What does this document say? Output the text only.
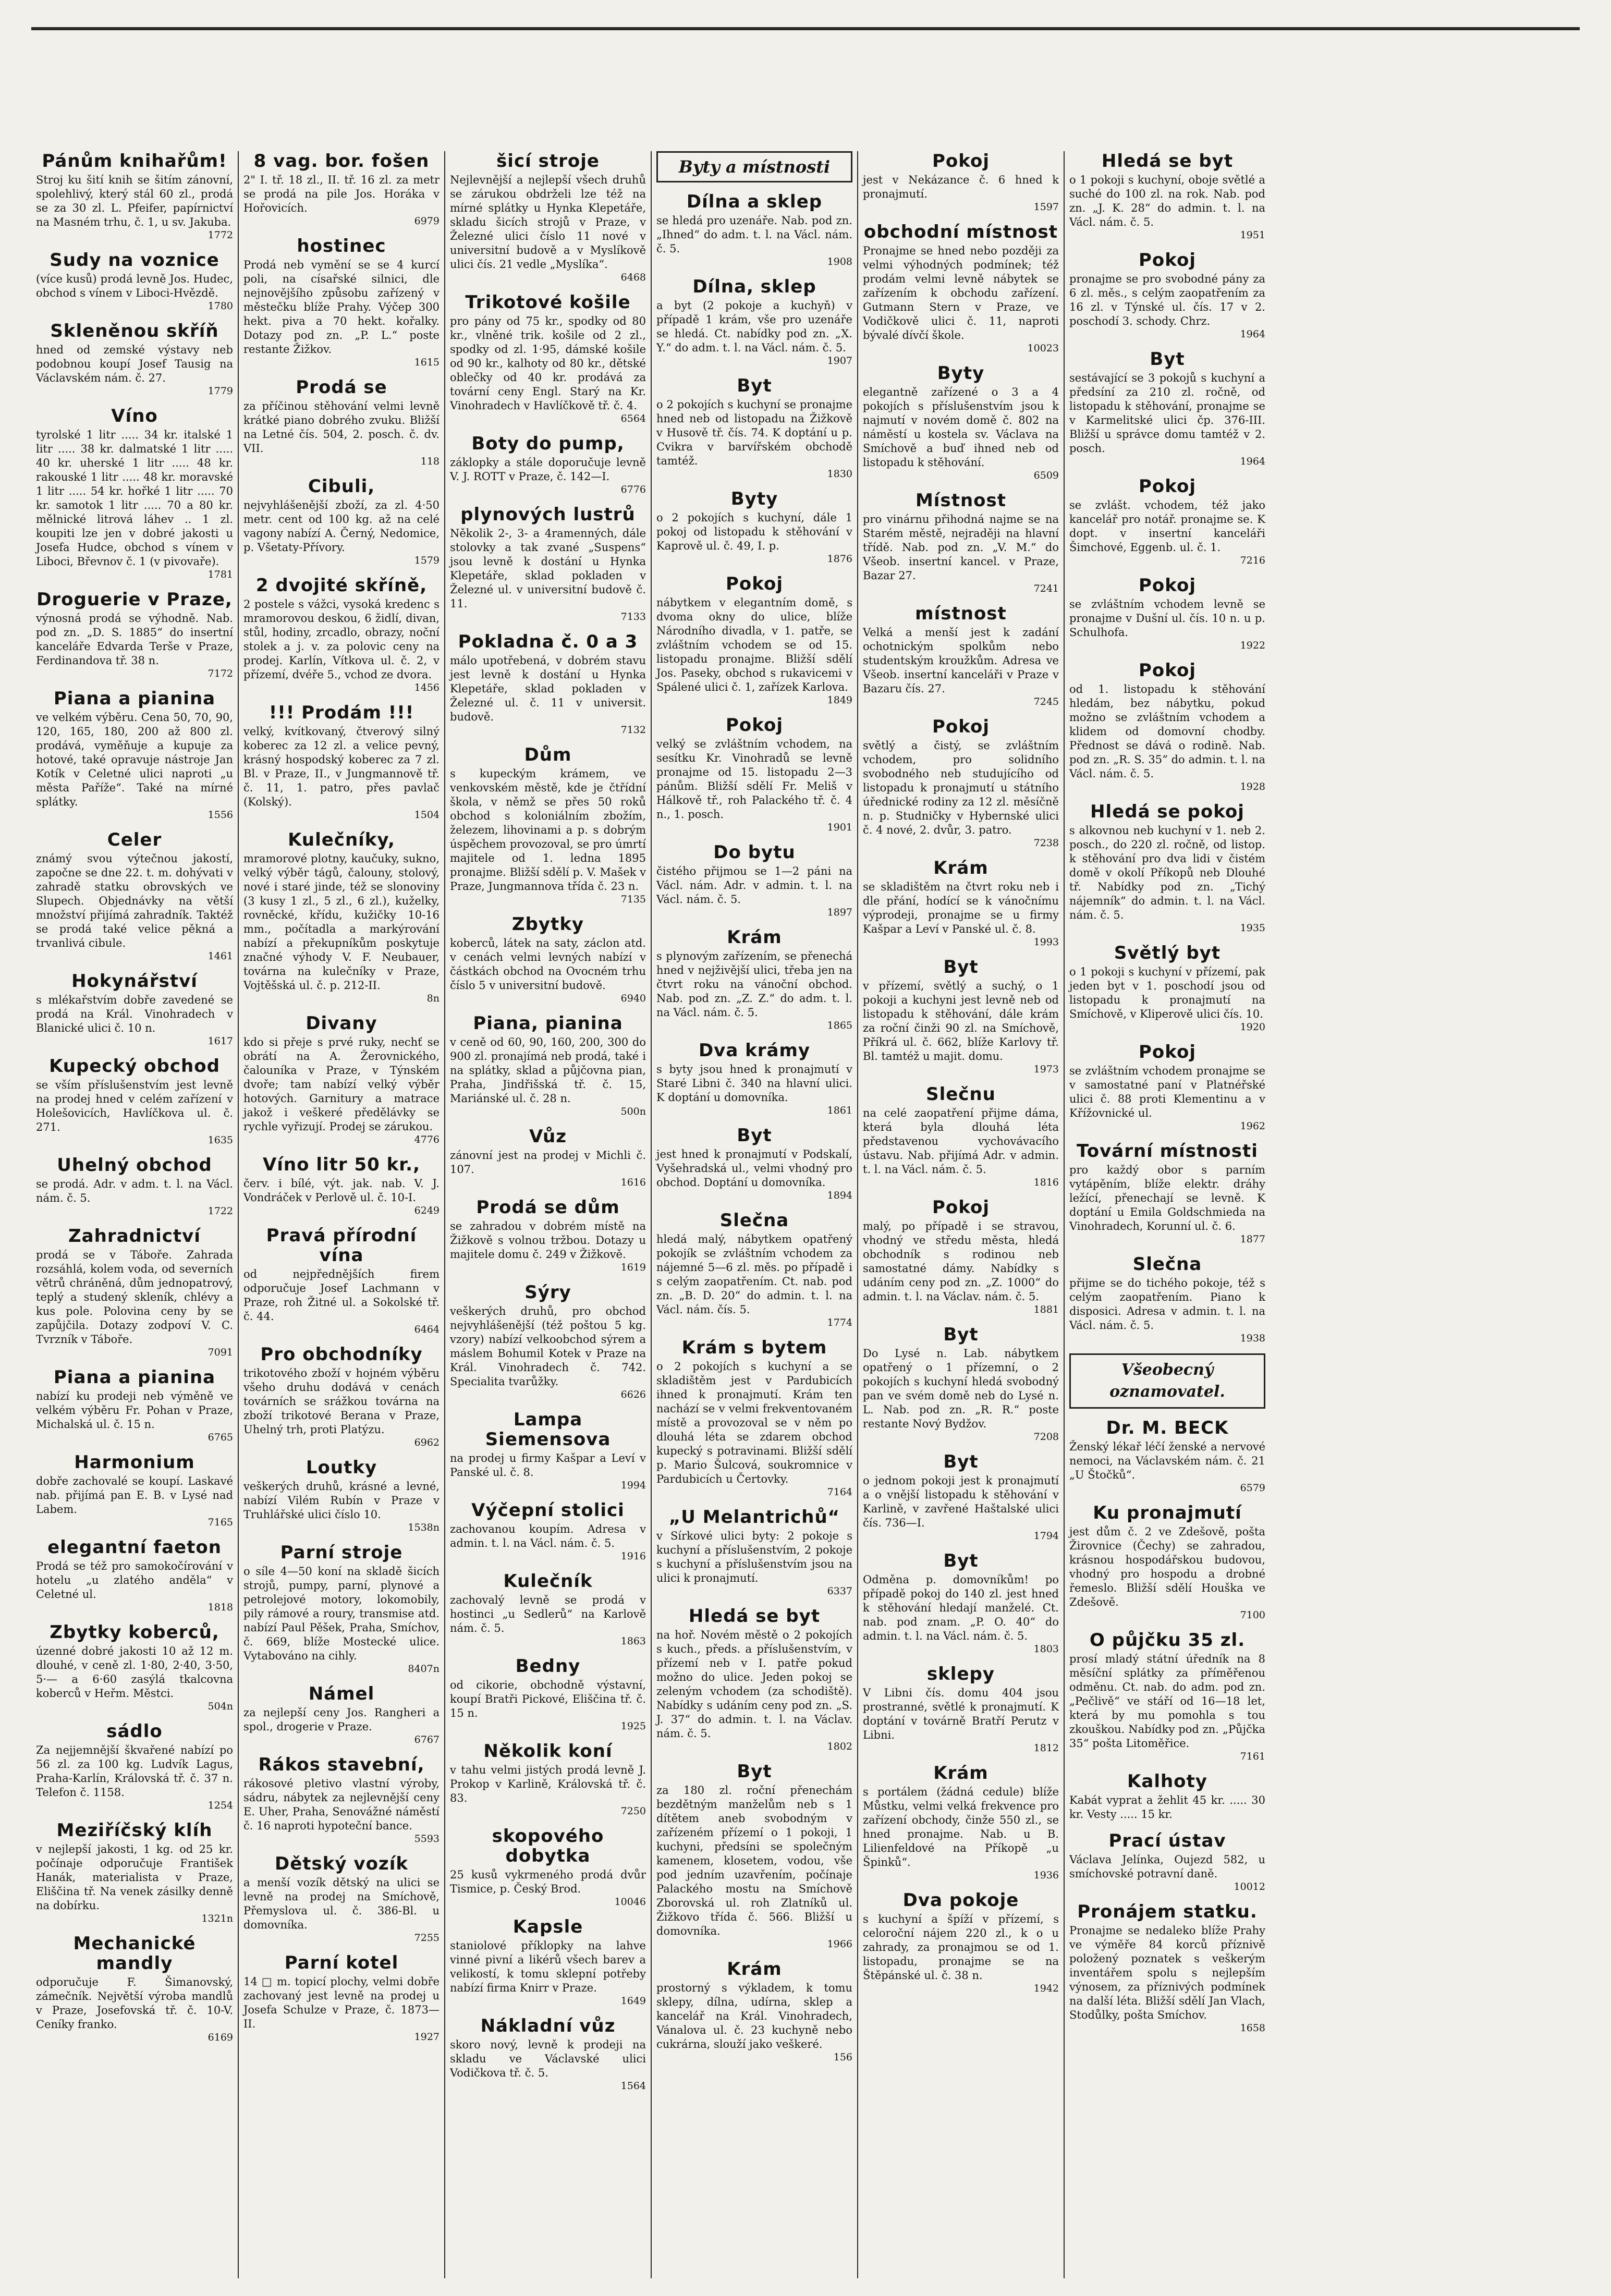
Pánům knihařům!

Stroj ku šití knih se šitím zánovní, spolehlivý, který stál 60 zl., prodá se za 30 zl. L. Pfeifer, papírnictví na Masném trhu, č. 1, u sv. Jakuba.

1772
Sudy na voznice

(více kusů) prodá levně Jos. Hudec, obchod s vínem v Liboci-Hvězdě.

1780
Skleněnou skříň

hned od zemské výstavy neb podobnou koupí Josef Tausig na Václavském nám. č. 27.

1779
Víno

tyrolské 1 litr ..... 34 kr. italské 1 litr ..... 38 kr. dalmatské 1 litr ..... 40 kr. uherské 1 litr ..... 48 kr. rakouské 1 litr ..... 48 kr. moravské 1 litr ..... 54 kr. hořké 1 litr ..... 70 kr. samotok 1 litr ..... 70 a 80 kr. mělnické litrová láhev .. 1 zl. koupiti lze jen v dobré jakosti u Josefa Hudce, obchod s vínem v Liboci, Břevnov č. 1 (v pivovaře).

1781
Droguerie v Praze,

výnosná prodá se výhodně. Nab. pod zn. „D. S. 1885“ do insertní kanceláře Edvarda Terše v Praze, Ferdinandova tř. 38 n.

7172
Piana a pianina

ve velkém výběru. Cena 50, 70, 90, 120, 165, 180, 200 až 800 zl. prodává, vyměňuje a kupuje za hotové, také opravuje nástroje Jan Kotík v Celetné ulici naproti „u města Paříže“. Také na mírné splátky.

1556
Celer

známý svou výtečnou jakostí, započne se dne 22. t. m. dohývati v zahradě statku obrovských ve Slupech. Objednávky na větší množství přijímá zahradník. Taktéž se prodá také velice pěkná a trvanlivá cibule.

1461
Hokynářství

s mlékařstvím dobře zavedené se prodá na Král. Vinohradech v Blanické ulici č. 10 n.

1617
Kupecký obchod

se vším příslušenstvím jest levně na prodej hned v celém zařízení v Holešovicích, Havlíčkova ul. č. 271.

1635
Uhelný obchod

se prodá. Adr. v adm. t. l. na Václ. nám. č. 5.

1722
Zahradnictví

prodá se v Táboře. Zahrada rozsáhlá, kolem voda, od severních větrů chráněná, dům jednopatrový, teplý a studený skleník, chlévy a kus pole. Polovina ceny by se zapůjčila. Dotazy zodpoví V. C. Tvrzník v Táboře.

7091
Piana a pianina

nabízí ku prodeji neb výměně ve velkém výběru Fr. Pohan v Praze, Michalská ul. č. 15 n.

6765
Harmonium

dobře zachovalé se koupí. Laskavé nab. přijímá pan E. B. v Lysé nad Labem.

7165
elegantní faeton

Prodá se též pro samokočírování v hotelu „u zlatého anděla“ v Celetné ul.

1818
Zbytky koberců,

úzenné dobré jakosti 10 až 12 m. dlouhé, v ceně zl. 1·80, 2·40, 3·50, 5·— a 6·60 zasýlá tkalcovna koberců v Heřm. Městci.

504n
sádlo

Za nejjemnější škvařené nabízí po 56 zl. za 100 kg. Ludvík Lagus, Praha-Karlín, Královská tř. č. 37 n. Telefon č. 1158.

1254
Meziříčský klíh

v nejlepší jakosti, 1 kg. od 25 kr. počínaje odporučuje František Hanák, materialista v Praze, Eliščina tř. Na venek zásilky denně na dobírku.

1321n
Mechanické mandly

odporučuje F. Šimanovský, zámečník. Největší výroba mandlů v Praze, Josefovská tř. č. 10-V. Ceníky franko.

6169
8 vag. bor. fošen

2" I. tř. 18 zl., II. tř. 16 zl. za metr se prodá na pile Jos. Horáka v Hořovicích.

6979
hostinec

Prodá neb vymění se se 4 kurcí poli, na císařské silnici, dle nejnovějšího způsobu zařízený v městečku blíže Prahy. Výčep 300 hekt. piva a 70 hekt. kořalky. Dotazy pod zn. „P. L.“ poste restante Žižkov.

1615
Prodá se

za příčinou stěhování velmi levně krátké piano dobrého zvuku. Bližší na Letné čís. 504, 2. posch. č. dv. VII.

118
Cibuli,

nejvyhlášenější zboží, za zl. 4·50 metr. cent od 100 kg. až na celé vagony nabízí A. Černý, Nedomice, p. Všetaty-Přívory.

1579
2 dvojité skříně,

2 postele s vážci, vysoká kredenc s mramorovou deskou, 6 židlí, divan, stůl, hodiny, zrcadlo, obrazy, noční stolek a j. v. za polovic ceny na prodej. Karlín, Vítkova ul. č. 2, v přízemí, dvéře 5., vchod ze dvora.

1456
!!! Prodám !!!

velký, kvítkovaný, čtverový silný koberec za 12 zl. a velice pevný, krásný hospodský koberec za 7 zl. Bl. v Praze, II., v Jungmannově tř. č. 11, 1. patro, přes pavlač (Kolský).

1504
Kulečníky,

mramorové plotny, kaučuky, sukno, velký výběr tágů, čalouny, stolový, nové i staré jinde, též se slonoviny (3 kusy 1 zl., 5 zl., 6 zl.), kuželky, rovněcké, křídu, kužičky 10-16 mm., počítadla a markýrování nabízí a překupníkům poskytuje značné výhody V. F. Neubauer, továrna na kulečníky v Praze, Vojtěšská ul. č. p. 212-II.

8n
Divany

kdo si přeje s prvé ruky, nechť se obrátí na A. Žerovnického, čalouníka v Praze, v Týnském dvoře; tam nabízí velký výběr hotových. Garnitury a matrace jakož i veškeré předělávky se rychle vyřizují. Prodej se zárukou.

4776
Víno litr 50 kr.,

červ. i bílé, výt. jak. nab. V. J. Vondráček v Perlově ul. č. 10-I.

6249
Pravá přírodní vína

od nejpřednějších firem odporučuje Josef Lachmann v Praze, roh Žitné ul. a Sokolské tř. č. 44.

6464
Pro obchodníky

trikotového zboží v hojném výběru všeho druhu dodává v cenách továrních se srážkou továrna na zboží trikotové Berana v Praze, Uhelný trh, proti Platýzu.

6962
Loutky

veškerých druhů, krásné a levné, nabízí Vilém Rubín v Praze v Truhlářské ulici číslo 10.

1538n
Parní stroje

o síle 4—50 koní na skladě šicích strojů, pumpy, parní, plynové a petrolejové motory, lokomobily, pily rámové a roury, transmise atd. nabízí Paul Pěšek, Praha, Smíchov, č. 669, blíže Mostecké ulice. Vytabováno na cihly.

8407n
Námel

za nejlepší ceny Jos. Rangheri a spol., drogerie v Praze.

6767
Rákos stavební,

rákosové pletivo vlastní výroby, sádru, nábytek za nejlevnější ceny E. Uher, Praha, Senovážné náměstí č. 16 naproti hypoteční bance.

5593
Dětský vozík

a menší vozík dětský na ulici se levně na prodej na Smíchově, Přemyslova ul. č. 386-Bl. u domovníka.

7255
Parní kotel

14 □ m. topicí plochy, velmi dobře zachovaný jest levně na prodej u Josefa Schulze v Praze, č. 1873—II.

1927
šicí stroje

Nejlevnější a nejlepší všech druhů se zárukou obdrželi lze též na mírné splátky u Hynka Klepetáře, skladu šicích strojů v Praze, v Železné ulici číslo 11 nové v universitní budově a v Myslíkově ulici čís. 21 vedle „Myslíka“.

6468
Trikotové košile

pro pány od 75 kr., spodky od 80 kr., vlněné trik. košile od 2 zl., spodky od zl. 1·95, dámské košile od 90 kr., kalhoty od 80 kr., dětské oblečky od 40 kr. prodává za tovární ceny Engl. Starý na Kr. Vinohradech v Havlíčkově tř. č. 4.

6564
Boty do pump,

záklopky a stále doporučuje levně V. J. ROTT v Praze, č. 142—I.

6776
plynových lustrů

Několik 2-, 3- a 4ramenných, dále stolovky a tak zvané „Suspens“ jsou levně k dostání u Hynka Klepetáře, sklad pokladen v Železné ul. v universitní budově č. 11.

7133
Pokladna č. 0 a 3

málo upotřebená, v dobrém stavu jest levně k dostání u Hynka Klepetáře, sklad pokladen v Železné ul. č. 11 v universit. budově.

7132
Dům

s kupeckým krámem, ve venkovském městě, kde je čtřídní škola, v němž se přes 50 roků obchod s koloniálním zbožím, železem, lihovinami a p. s dobrým úspěchem provozoval, se pro úmrtí majitele od 1. ledna 1895 pronajme. Bližší sdělí p. V. Mašek v Praze, Jungmannova třída č. 23 n.

7135
Zbytky

koberců, látek na saty, záclon atd. v cenách velmi levných nabízí v částkách obchod na Ovocném trhu číslo 5 v universitní budově.

6940
Piana, pianina

v ceně od 60, 90, 160, 200, 300 do 900 zl. pronajímá neb prodá, také i na splátky, sklad a půjčovna pian, Praha, Jindřišská tř. č. 15, Mariánské ul. č. 28 n.

500n
Vůz

zánovní jest na prodej v Michli č. 107.

1616
Prodá se dům

se zahradou v dobrém místě na Žižkově s volnou tržbou. Dotazy u majitele domu č. 249 v Žižkově.

1619
Sýry

veškerých druhů, pro obchod nejvyhlášenější (též poštou 5 kg. vzory) nabízí velkoobchod sýrem a máslem Bohumil Kotek v Praze na Král. Vinohradech č. 742. Specialita tvarůžky.

6626
Lampa Siemensova

na prodej u firmy Kašpar a Leví v Panské ul. č. 8.

1994
Výčepní stolici

zachovanou koupím. Adresa v admin. t. l. na Václ. nám. č. 5.

1916
Kulečník

zachovalý levně se prodá v hostinci „u Sedlerů“ na Karlově nám. č. 5.

1863
Bedny

od cikorie, obchodně výstavní, koupí Bratři Pickové, Eliščina tř. č. 15 n.

1925
Několik koní

v tahu velmi jistých prodá levně J. Prokop v Karlině, Královská tř. č. 83.

7250
skopového dobytka

25 kusů vykrmeného prodá dvůr Tismice, p. Český Brod.

10046
Kapsle

staniolové příklopky na lahve vinné pivní a likérů všech barev a velikostí, k tomu sklepní potřeby nabízí firma Knirr v Praze.

1649
Nákladní vůz

skoro nový, levně k prodeji na skladu ve Václavské ulici Vodičkova tř. č. 5.

1564
Byty a místnosti
Dílna a sklep

se hledá pro uzenáře. Nab. pod zn. „Ihned“ do adm. t. l. na Václ. nám. č. 5.

1908
Dílna, sklep

a byt (2 pokoje a kuchyň) v případě 1 krám, vše pro uzenáře se hledá. Ct. nabídky pod zn. „X. Y.“ do adm. t. l. na Václ. nám. č. 5.

1907
Byt

o 2 pokojích s kuchyní se pronajme hned neb od listopadu na Žižkově v Husově tř. čís. 74. K doptání u p. Cvikra v barvířském obchodě tamtéž.

1830
Byty

o 2 pokojích s kuchyní, dále 1 pokoj od listopadu k stěhování v Kaprově ul. č. 49, I. p.

1876
Pokoj

nábytkem v elegantním domě, s dvoma okny do ulice, blíže Národního divadla, v 1. patře, se zvláštním vchodem se od 15. listopadu pronajme. Bližší sdělí Jos. Paseky, obchod s rukavicemi v Spálené ulici č. 1, zařízek Karlova.

1849
Pokoj

velký se zvláštním vchodem, na sesítku Kr. Vinohradů se levně pronajme od 15. listopadu 2—3 pánům. Bližší sdělí Fr. Meliš v Hálkově tř., roh Palackého tř. č. 4 n., 1. posch.

1901
Do bytu

čistého přijmou se 1—2 páni na Václ. nám. Adr. v admin. t. l. na Václ. nám. č. 5.

1897
Krám

s plynovým zařízením, se přenechá hned v nejživější ulici, třeba jen na čtvrt roku na vánoční obchod. Nab. pod zn. „Z. Z.“ do adm. t. l. na Václ. nám. č. 5.

1865
Dva krámy

s byty jsou hned k pronajmutí v Staré Libni č. 340 na hlavní ulici. K doptání u domovníka.

1861
Byt

jest hned k pronajmutí v Podskalí, Vyšehradská ul., velmi vhodný pro obchod. Doptání u domovníka.

1894
Slečna

hledá malý, nábytkem opatřený pokojík se zvláštním vchodem za nájemné 5—6 zl. měs. po případě i s celým zaopatřením. Ct. nab. pod zn. „B. D. 20“ do admin. t. l. na Václ. nám. čís. 5.

1774
Krám s bytem

o 2 pokojích s kuchyní a se skladištěm jest v Pardubicích ihned k pronajmutí. Krám ten nachází se v velmi frekventovaném místě a provozoval se v něm po dlouhá léta se zdarem obchod kupecký s potravinami. Bližší sdělí p. Mario Šulcová, soukromnice v Pardubicích u Čertovky.

7164
„U Melantrichů“

v Sírkové ulici byty: 2 pokoje s kuchyní a příslušenstvím, 2 pokoje s kuchyní a příslušenstvím jsou na ulici k pronajmutí.

6337
Hledá se byt

na hoř. Novém městě o 2 pokojích s kuch., předs. a příslušenstvím, v přízemí neb v I. patře pokud možno do ulice. Jeden pokoj se zeleným vchodem (za schodiště). Nabídky s udáním ceny pod zn. „S. J. 37“ do admin. t. l. na Václav. nám. č. 5.

1802
Byt

za 180 zl. roční přenechám bezdětným manželům neb s 1 dítětem aneb svobodným v zařízeném přízemí o 1 pokoji, 1 kuchyni, předsíni se společným kamenem, klosetem, vodou, vše pod jedním uzavřením, počínaje Palackého mostu na Smíchově Zborovská ul. roh Zlatníků ul. Žižkovo třída č. 566. Bližší u domovníka.

1966
Krám

prostorný s výkladem, k tomu sklepy, dílna, udírna, sklep a kancelář na Král. Vinohradech, Vánalova ul. č. 23 kuchyně nebo cukrárna, slouží jako veškeré.

156
Pokoj

jest v Nekázance č. 6 hned k pronajmutí.

1597
obchodní místnost

Pronajme se hned nebo později za velmi výhodných podmínek; též prodám velmi levně nábytek se zařízením k obchodu zařízení. Gutmann Stern v Praze, ve Vodičkově ulici č. 11, naproti bývalé dívčí škole.

10023
Byty

elegantně zařízené o 3 a 4 pokojích s příslušenstvím jsou k najmutí v novém domě č. 802 na náměstí u kostela sv. Václava na Smíchově a buď ihned neb od listopadu k stěhování.

6509
Místnost

pro vinárnu přihodná najme se na Starém městě, nejraději na hlavní třídě. Nab. pod zn. „V. M.“ do Všeob. insertní kancel. v Praze, Bazar 27.

7241
místnost

Velká a menší jest k zadání ochotnickým spolkům nebo studentským kroužkům. Adresa ve Všeob. insertní kanceláři v Praze v Bazaru čís. 27.

7245
Pokoj

světlý a čistý, se zvláštním vchodem, pro solidního svobodného neb studujícího od listopadu k pronajmutí u státního úřednické rodiny za 12 zl. měsíčně n. p. Studničky v Hybernské ulici č. 4 nové, 2. dvůr, 3. patro.

7238
Krám

se skladištěm na čtvrt roku neb i dle přání, hodící se k vánočnímu výprodeji, pronajme se u firmy Kašpar a Leví v Panské ul. č. 8.

1993
Byt

v přízemí, světlý a suchý, o 1 pokoji a kuchyni jest levně neb od listopadu k stěhování, dále krám za roční činži 90 zl. na Smíchově, Příkrá ul. č. 662, blíže Karlovy tř. Bl. tamtéž u majit. domu.

1973
Slečnu

na celé zaopatření přijme dáma, která byla dlouhá léta představenou vychovávacího ústavu. Nab. přijímá Adr. v admin. t. l. na Václ. nám. č. 5.

1816
Pokoj

malý, po případě i se stravou, vhodný ve středu města, hledá obchodník s rodinou neb samostatné dámy. Nabídky s udáním ceny pod zn. „Z. 1000“ do admin. t. l. na Václav. nám. č. 5.

1881
Byt

Do Lysé n. Lab. nábytkem opatřený o 1 přízemní, o 2 pokojích s kuchyní hledá svobodný pan ve svém domě neb do Lysé n. L. Nab. pod zn. „R. R.“ poste restante Nový Bydžov.

7208
Byt

o jednom pokoji jest k pronajmutí a o vnější listopadu k stěhování v Karlině, v zavřené Haštalské ulici čís. 736—I.

1794
Byt

Odměna p. domovníkům! po případě pokoj do 140 zl. jest hned k stěhování hledají manželé. Ct. nab. pod znam. „P. O. 40“ do admin. t. l. na Václ. nám. č. 5.

1803
sklepy

V Libni čís. domu 404 jsou prostranné, světlé k pronajmutí. K doptání v továrně Bratří Perutz v Libni.

1812
Krám

s portálem (žádná cedule) blíže Můstku, velmi velká frekvence pro zařízení obchody, činže 550 zl., se hned pronajme. Nab. u B. Lilienfeldové na Příkopě „u Špinků“.

1936
Dva pokoje

s kuchyní a špíží v přízemí, s celoroční nájem 220 zl., k o u zahrady, za pronajmou se od 1. listopadu, pronajme se na Štěpánské ul. č. 38 n.

1942
Hledá se byt

o 1 pokoji s kuchyní, oboje světlé a suché do 100 zl. na rok. Nab. pod zn. „J. K. 28“ do admin. t. l. na Václ. nám. č. 5.

1951
Pokoj

pronajme se pro svobodné pány za 6 zl. měs., s celým zaopatřením za 16 zl. v Týnské ul. čís. 17 v 2. poschodí 3. schody. Chrz.

1964
Byt

sestávající se 3 pokojů s kuchyní a předsíní za 210 zl. ročně, od listopadu k stěhování, pronajme se v Karmelitské ulici čp. 376-III. Bližší u správce domu tamtéž v 2. posch.

1964
Pokoj

se zvlášt. vchodem, též jako kancelář pro notář. pronajme se. K dopt. v insertní kanceláři Šimchové, Eggenb. ul. č. 1.

7216
Pokoj

se zvláštním vchodem levně se pronajme v Dušní ul. čís. 10 n. u p. Schulhofa.

1922
Pokoj

od 1. listopadu k stěhování hledám, bez nábytku, pokud možno se zvláštním vchodem a klidem od domovní chodby. Přednost se dává o rodině. Nab. pod zn. „R. S. 35“ do admin. t. l. na Václ. nám. č. 5.

1928
Hledá se pokoj

s alkovnou neb kuchyní v 1. neb 2. posch., do 220 zl. ročně, od listop. k stěhování pro dva lidi v čistém domě v okolí Příkopů neb Dlouhé tř. Nabídky pod zn. „Tichý nájemník“ do admin. t. l. na Václ. nám. č. 5.

1935
Světlý byt

o 1 pokoji s kuchyní v přízemí, pak jeden byt v 1. poschodí jsou od listopadu k pronajmutí na Smíchově, v Kliperově ulici čís. 10.

1920
Pokoj

se zvláštním vchodem pronajme se v samostatné paní v Platnéřské ulici č. 88 proti Klementinu a v Křížovnické ul.

1962
Tovární místnosti

pro každý obor s parním vytápěním, blíže elektr. dráhy ležící, přenechají se levně. K doptání u Emila Goldschmieda na Vinohradech, Korunní ul. č. 6.

1877
Slečna

přijme se do tichého pokoje, též s celým zaopatřením. Piano k disposici. Adresa v admin. t. l. na Václ. nám. č. 5.

1938
Všeobecný oznamovatel.
Dr. M. BECK

Ženský lékař léčí ženské a nervové nemoci, na Václavském nám. č. 21 „U Štočků“.

6579
Ku pronajmutí

jest dům č. 2 ve Zdešově, pošta Žirovnice (Čechy) se zahradou, krásnou hospodářskou budovou, vhodný pro hospodu a drobné řemeslo. Bližší sdělí Houška ve Zdešově.

7100
O půjčku 35 zl.

prosí mladý státní úředník na 8 měsíční splátky za příměřenou odměnu. Ct. nab. do adm. pod zn. „Pečlivě“ ve stáří od 16—18 let, která by mu pomohla s tou zkouškou. Nabídky pod zn. „Půjčka 35“ pošta Litoměřice.

7161
Kalhoty

Kabát vyprat a žehlit 45 kr. ..... 30 kr. Vesty ..... 15 kr.

Prací ústav

Václava Jelínka, Oujezd 582, u smíchovské potravní daně.

10012
Pronájem statku.

Pronajme se nedaleko blíže Prahy ve výměře 84 korců příznivě položený poznatek s veškerým inventářem spolu s nejlepším výnosem, za příznivých podmínek na další léta. Bližší sdělí Jan Vlach, Stodůlky, pošta Smíchov.

1658
